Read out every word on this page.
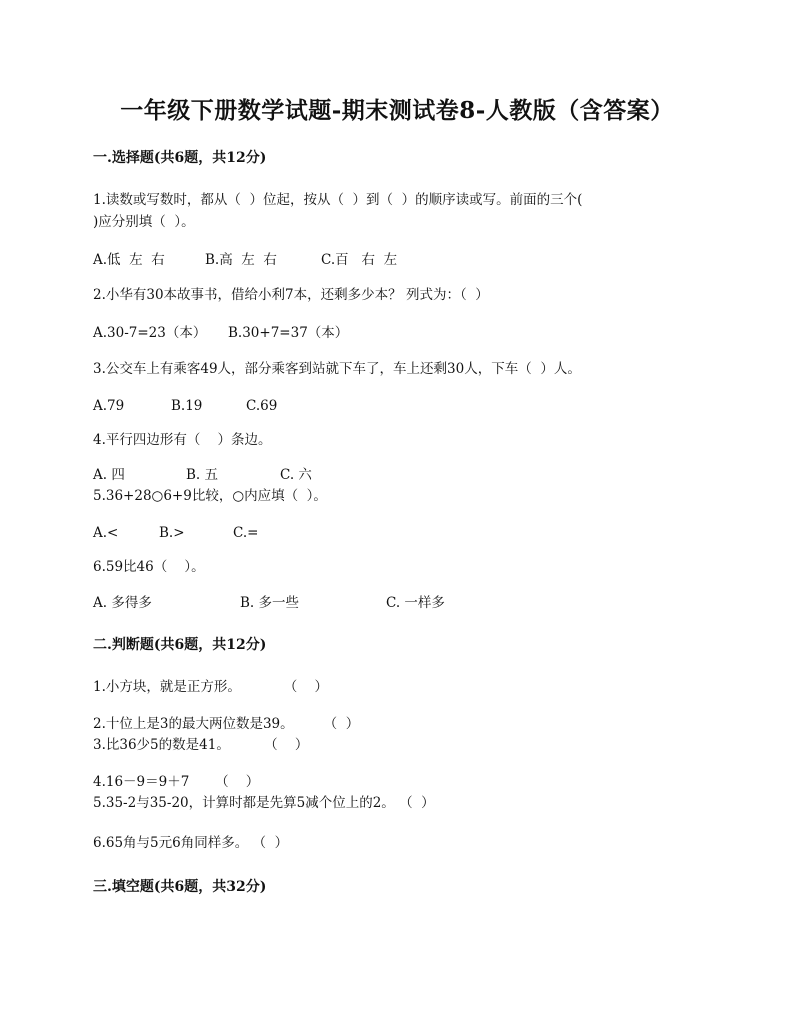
一年级下册数学试题-期末测试卷8-人教版（含答案）
一.选择题(共6题，共12分)
1.读数或写数时，都从（  ）位起，按从（  ）到（  ）的顺序读或写。前面的三个(
)应分别填（  ）。
A.低  左  右	B.高  左  右	C.百   右  左
2.小华有30本故事书，借给小利7本，还剩多少本？ 列式为：（  ）
A.30-7=23（本） B.30+7=37（本）
3.公交车上有乘客49人，部分乘客到站就下车了，车上还剩30人，下车（  ）人。
A.79	B.19	C.69
4.平行四边形有（    ）条边。
A. 四	B. 五	C. 六
5.36+28○6+9比较，○内应填（  ）。
A.<	B.>	C.=
6.59比46（    ）。
A. 多得多	B. 多一些	C. 一样多
二.判断题(共6题，共12分)
1.小方块，就是正方形。          （    ）
2.十位上是3的最大两位数是39。       （  ）
3.比36少5的数是41。        （    ）
4.16－9＝9＋7      （    ）
5.35-2与35-20，计算时都是先算5减个位上的2。 （  ）
6.65角与5元6角同样多。 （  ）
三.填空题(共6题，共32分)
